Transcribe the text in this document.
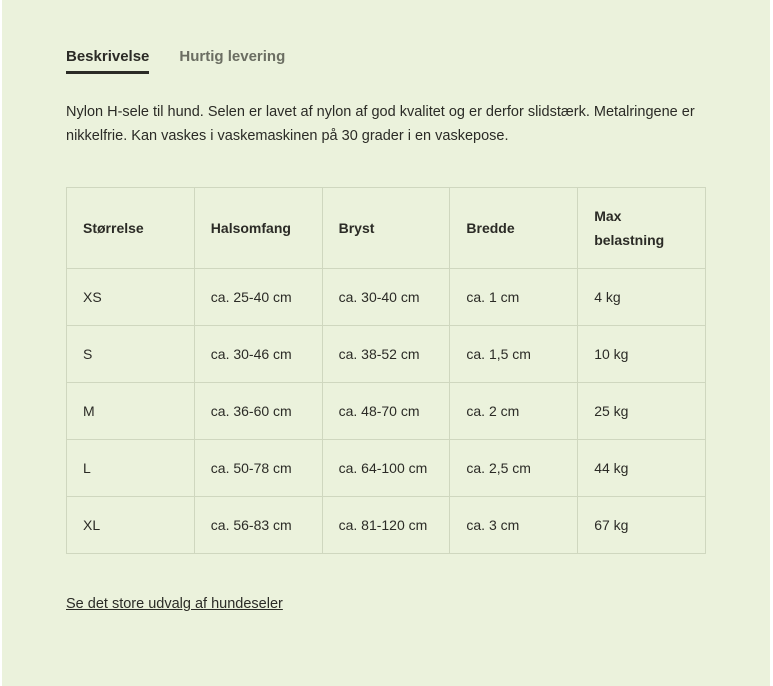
Beskrivelse Hurtig levering

Nylon H-sele til hund. Selen er lavet af nylon af god kvalitet og er derfor slidstærk. Metalringene er nikkelfrie. Kan vaskes i vaskemaskinen på 30 grader i en vaskepose.

Størrelse	Halsomfang	Bryst	Bredde	Max belastning
XS	ca. 25-40 cm	ca. 30-40 cm	ca. 1 cm	4 kg
S	ca. 30-46 cm	ca. 38-52 cm	ca. 1,5 cm	10 kg
M	ca. 36-60 cm	ca. 48-70 cm	ca. 2 cm	25 kg
L	ca. 50-78 cm	ca. 64-100 cm	ca. 2,5 cm	44 kg
XL	ca. 56-83 cm	ca. 81-120 cm	ca. 3 cm	67 kg
Se det store udvalg af hundeseler
